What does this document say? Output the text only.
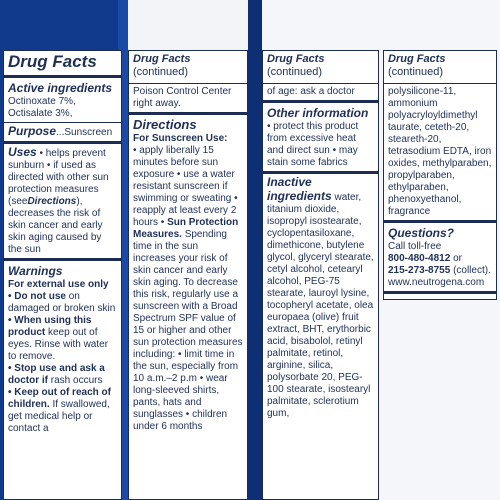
Drug Facts
Active ingredients
Octinoxate 7%,
Octisalate 3%,
Purpose...Sunscreen
Uses • helps prevent sunburn • if used as directed with other sun protection measures (seeDirections), decreases the risk of skin cancer and early skin aging caused by the sun
Warnings
For external use only
• Do not use on damaged or broken skin
• When using this product keep out of eyes. Rinse with water to remove.
• Stop use and ask a doctor if rash occurs
• Keep out of reach of children. If swallowed, get medical help or contact a
Drug Facts (continued)
Poison Control Center right away.
Directions
For Sunscreen Use:
• apply liberally 15 minutes before sun exposure • use a water resistant sunscreen if swimming or sweating • reapply at least every 2 hours • Sun Protection Measures. Spending time in the sun increases your risk of skin cancer and early skin aging. To decrease this risk, regularly use a sunscreen with a Broad Spectrum SPF value of 15 or higher and other sun protection measures including: • limit time in the sun, especially from 10 a.m.–2 p.m • wear long-sleeved shirts, pants, hats and sunglasses • children under 6 months
Drug Facts (continued)
of age: ask a doctor
Other information
• protect this product from excessive heat and direct sun • may stain some fabrics
Inactive ingredients water, titanium dioxide, isopropyl isostearate, cyclopentasiloxane, dimethicone, butylene glycol, glyceryl stearate, cetyl alcohol, cetearyl alcohol, PEG-75 stearate, lauroyl lysine, tocopheryl acetate, olea europaea (olive) fruit extract, BHT, erythorbic acid, bisabolol, retinyl palmitate, retinol, arginine, silica, polysorbate 20, PEG-100 stearate, isostearyl palmitate, sclerotium gum,
Drug Facts (continued)
polysilicone-11, ammonium polyacryloyldimethyl taurate, ceteth-20, steareth-20, tetrasodium EDTA, iron oxides, methylparaben, propylparaben, ethylparaben, phenoxyethanol, fragrance
Questions?
Call toll-free
800-480-4812 or
215-273-8755 (collect).
www.neutrogena.com
